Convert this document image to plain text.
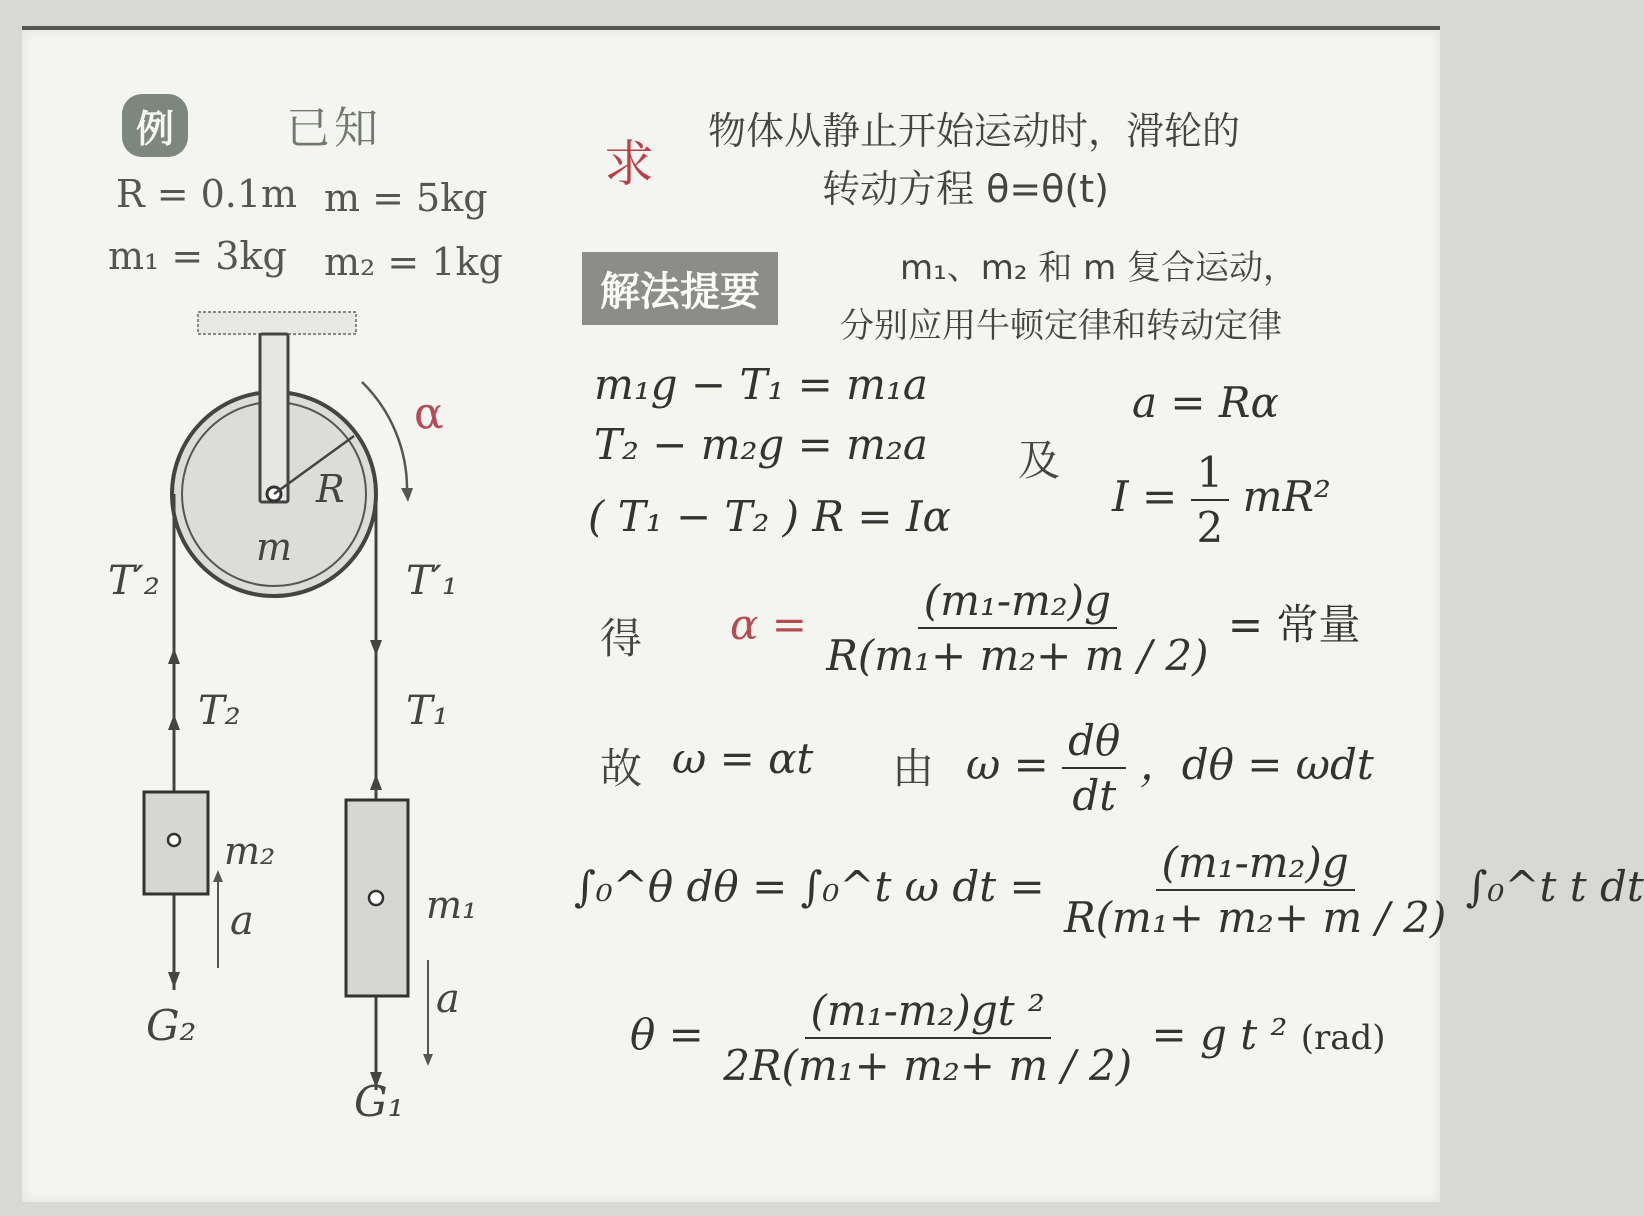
α
R
m
T′₂	T′₁
T₂	T₁
m₂
m₁
a
a
G₂
G₁
例	已知
R = 0.1m m = 5kg
m₁ = 3kg m₂ = 1kg
求
物体从静止开始运动时，滑轮的
转动方程 θ=θ(t)
解法提要
m₁、m₂ 和 m 复合运动，
分别应用牛顿定律和转动定律
m₁g − T₁ = m₁a
T₂ − m₂g = m₂a
( T₁ − T₂ ) R = Iα
及
a = Rα
$I = \frac{1}{2} mR^2$
得 $\alpha = \frac{\text{(m₁-m₂)g}}{\text{R(m₁+ m₂+ m / 2)}}$ = 常量
故 ω = αt 由 $\omega = \frac{d\theta}{dt}$ ，dθ = ωdt
∫₀^θ dθ = ∫₀^t ω dt = $\frac{\text{(m₁-m₂)g}}{\text{R(m₁+ m₂+ m / 2)}}$ ∫₀^t t dt
$\theta = \frac{\text{(m₁-m₂)gt ²}}{\text{2R(m₁+ m₂+ m / 2)}} = g$ t ² (rad)
